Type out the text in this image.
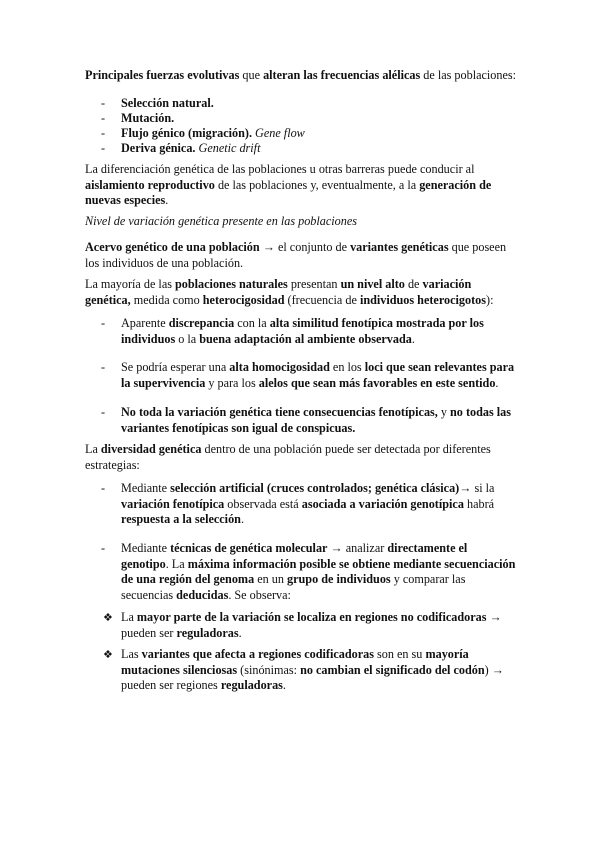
Principales fuerzas evolutivas que alteran las frecuencias alélicas de las poblaciones:

-	Selección natural.

-	Mutación.

-	Flujo génico (migración). Gene flow

-	Deriva génica. Genetic drift

La diferenciación genética de las poblaciones u otras barreras puede conducir al aislamiento reproductivo de las poblaciones y, eventualmente, a la generación de nuevas especies.

Nivel de variación genética presente en las poblaciones

Acervo genético de una población → el conjunto de variantes genéticas que poseen los individuos de una población.

La mayoría de las poblaciones naturales presentan un nivel alto de variación genética, medida como heterocigosidad (frecuencia de individuos heterocigotos):

-	Aparente discrepancia con la alta similitud fenotípica mostrada por los individuos o la buena adaptación al ambiente observada.

-	Se podría esperar una alta homocigosidad en los loci que sean relevantes para la supervivencia y para los alelos que sean más favorables en este sentido.

-	No toda la variación genética tiene consecuencias fenotípicas, y no todas las variantes fenotípicas son igual de conspicuas.

La diversidad genética dentro de una población puede ser detectada por diferentes estrategias:

-	Mediante selección artificial (cruces controlados; genética clásica)→ si la variación fenotípica observada está asociada a variación genotípica habrá respuesta a la selección.

-	Mediante técnicas de genética molecular → analizar directamente el genotipo. La máxima información posible se obtiene mediante secuenciación de una región del genoma en un grupo de individuos y comparar las secuencias deducidas. Se observa:

❖ La mayor parte de la variación se localiza en regiones no codificadoras → pueden ser reguladoras.

❖ Las variantes que afecta a regiones codificadoras son en su mayoría mutaciones silenciosas (sinónimas: no cambian el significado del codón) → pueden ser regiones reguladoras.
